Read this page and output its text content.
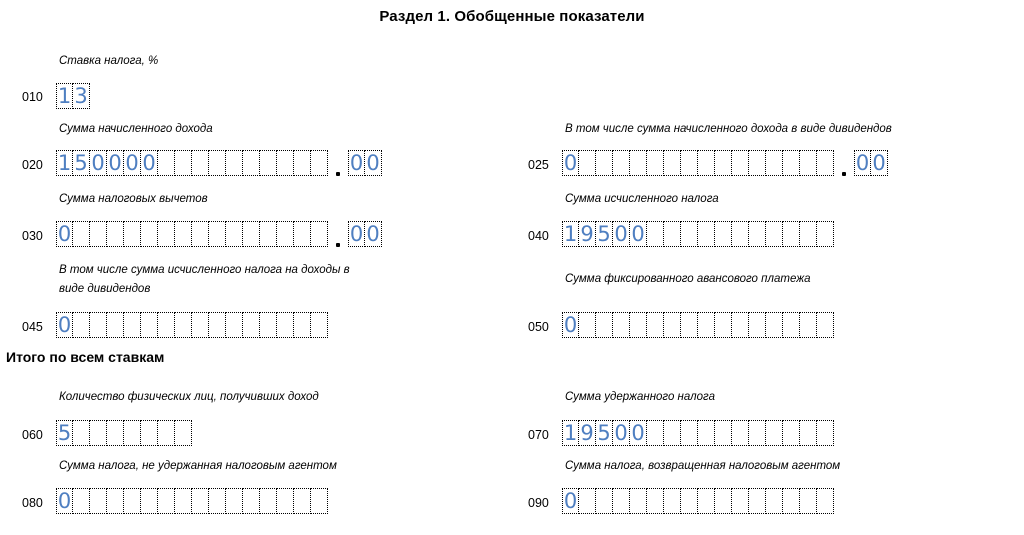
Раздел 1. Обобщенные показатели
Ставка налога, %
010 1 3
Сумма начисленного дохода
020 1 5 0 0 0 0	0 0
В том числе сумма начисленного дохода в виде дивидендов
025 0	0 0
Сумма налоговых вычетов
030 0	0 0
Сумма исчисленного налога
040 1 9 5 0 0
В том числе сумма исчисленного налога на доходы в
виде дивидендов
045 0
Сумма фиксированного авансового платежа
050 0
Итого по всем ставкам
Количество физических лиц, получивших доход
060 5
Сумма удержанного налога
070 1 9 5 0 0
Сумма налога, не удержанная налоговым агентом
080 0
Сумма налога, возвращенная налоговым агентом
090 0
